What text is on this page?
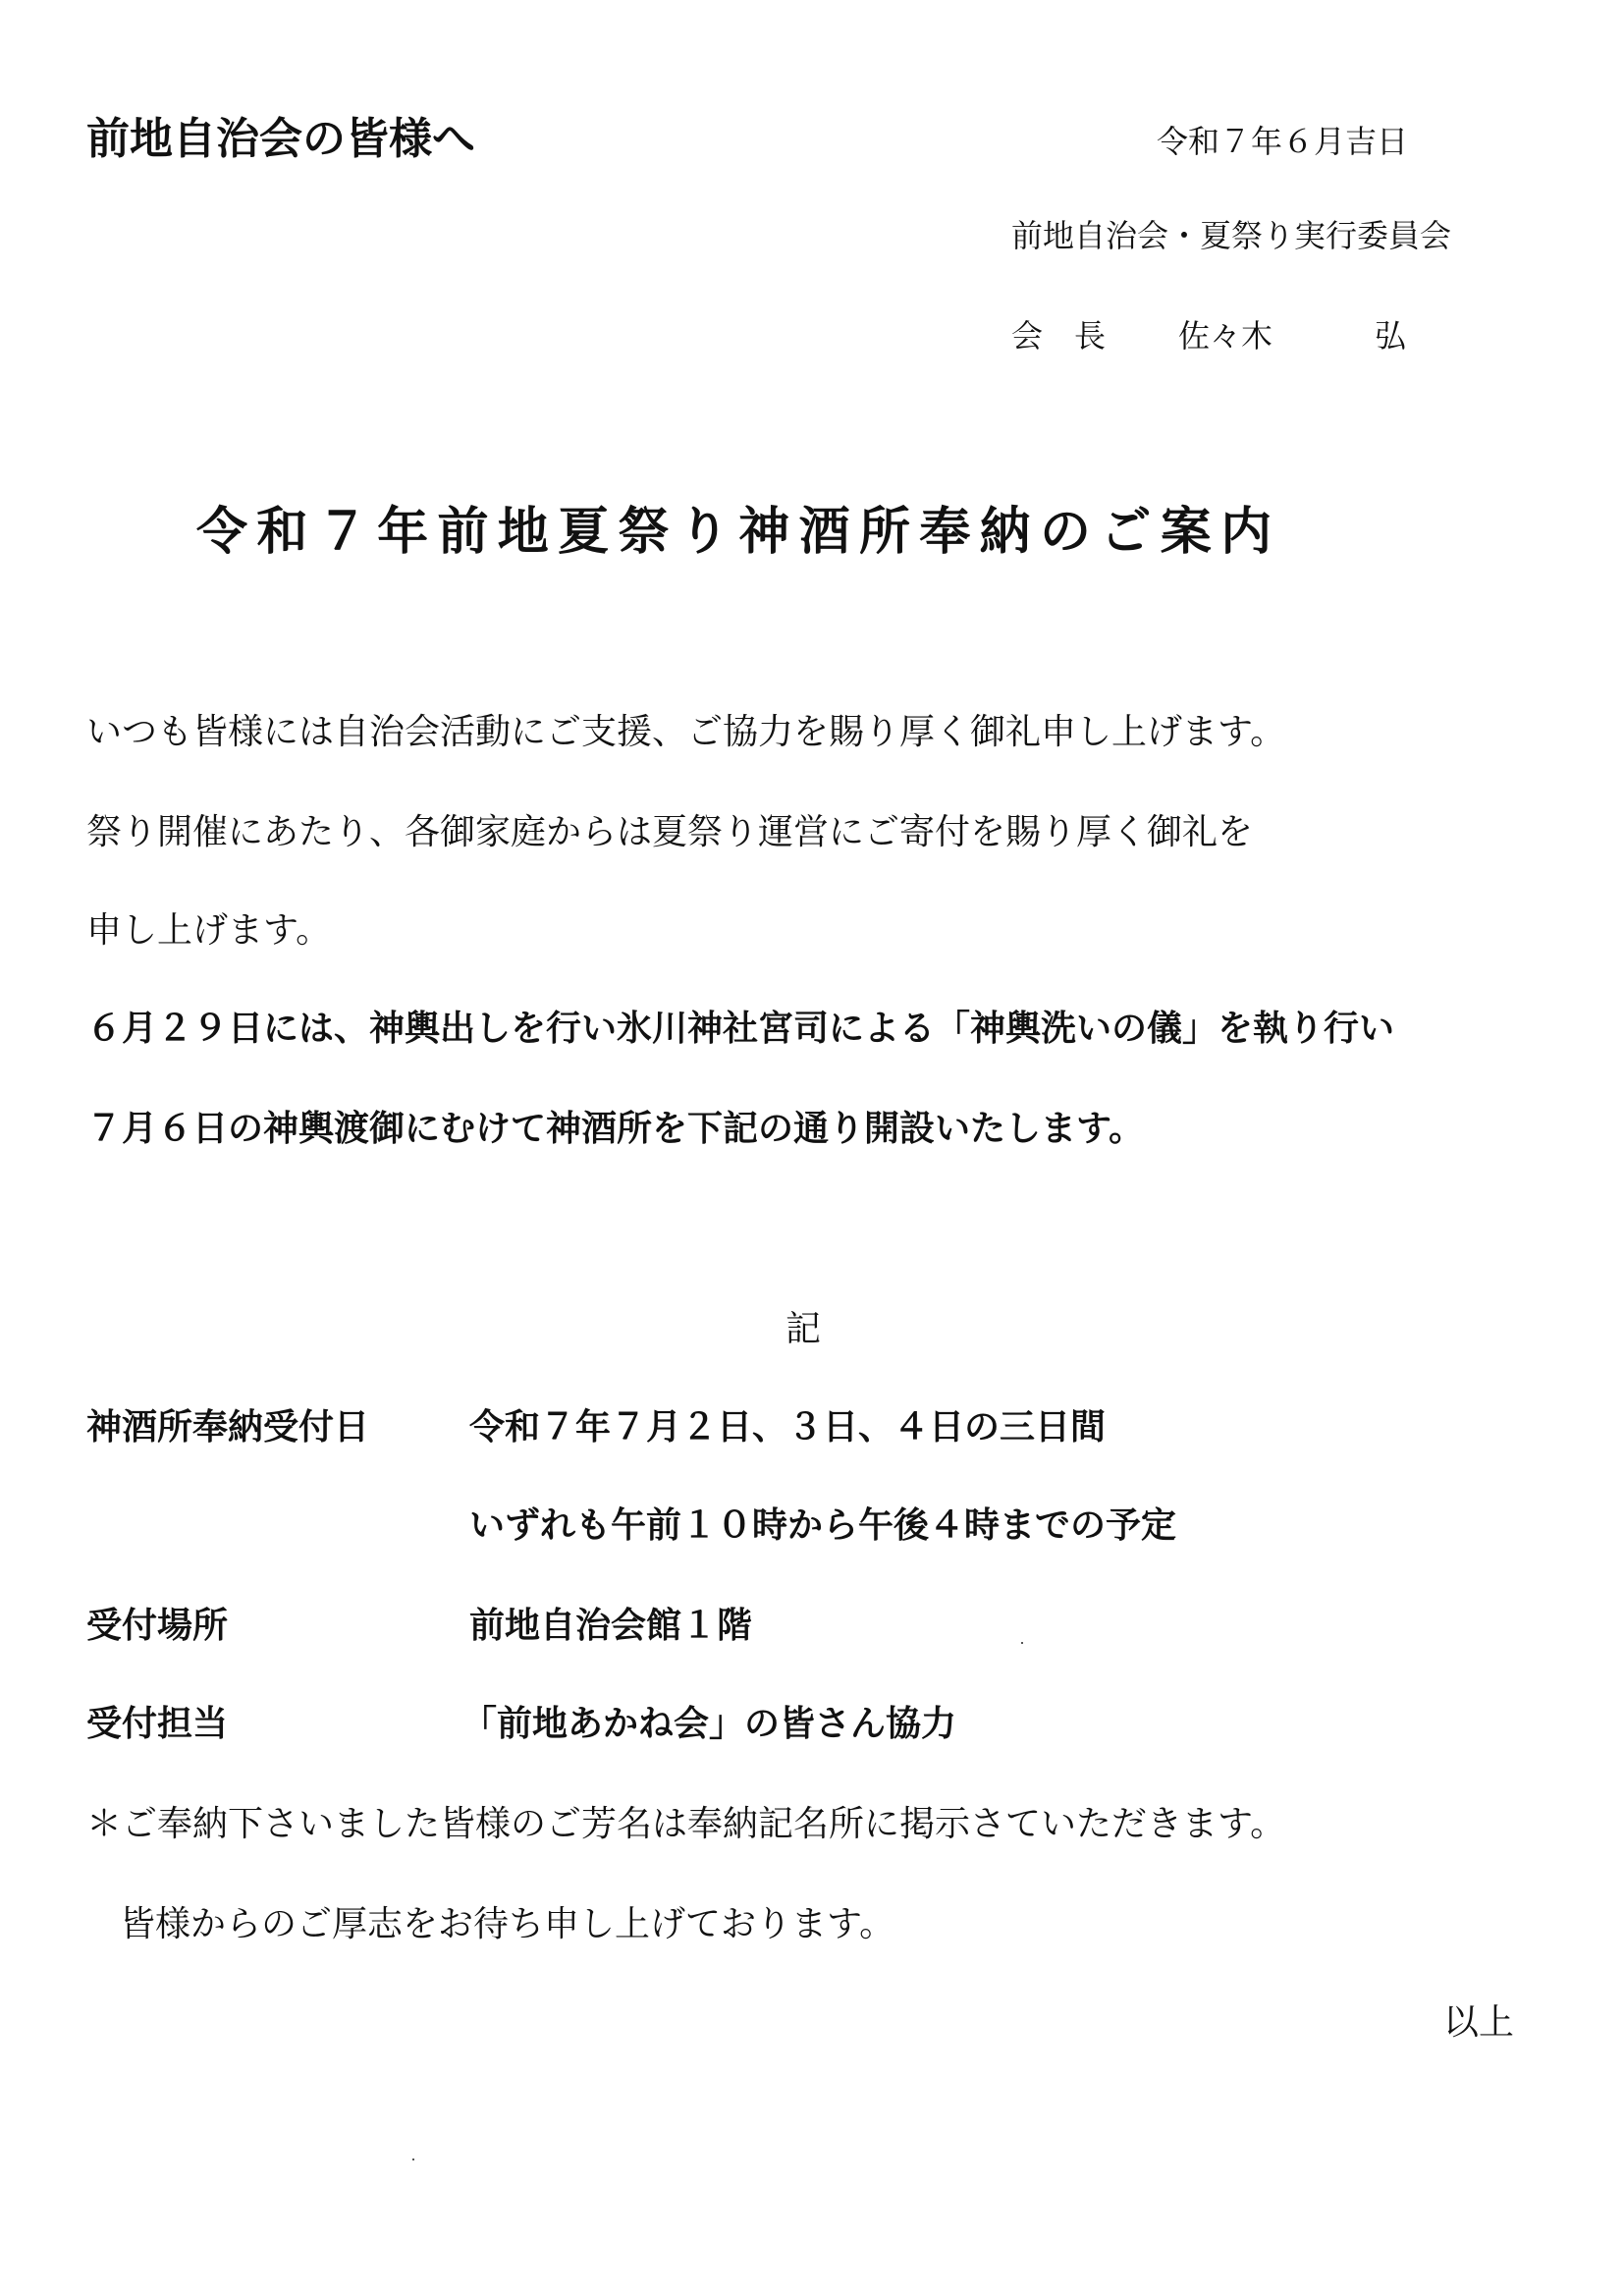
前地自治会の皆様へ	令和７年６月吉日
前地自治会・夏祭り実行委員会
会　長 佐々木	弘
令和７年前地夏祭り神酒所奉納のご案内
いつも皆様には自治会活動にご支援、ご協力を賜り厚く御礼申し上げます。
祭り開催にあたり、各御家庭からは夏祭り運営にご寄付を賜り厚く御礼を
申し上げます。
６月２９日には、神輿出しを行い氷川神社宮司による「神輿洗いの儀」を執り行い
７月６日の神輿渡御にむけて神酒所を下記の通り開設いたします。
記
神酒所奉納受付日	令和７年７月２日、３日、４日の三日間
いずれも午前１０時から午後４時までの予定
受付場所	前地自治会館１階
受付担当	「前地あかね会」の皆さん協力
＊ご奉納下さいました皆様のご芳名は奉納記名所に掲示さていただきます。
皆様からのご厚志をお待ち申し上げております。
以上
